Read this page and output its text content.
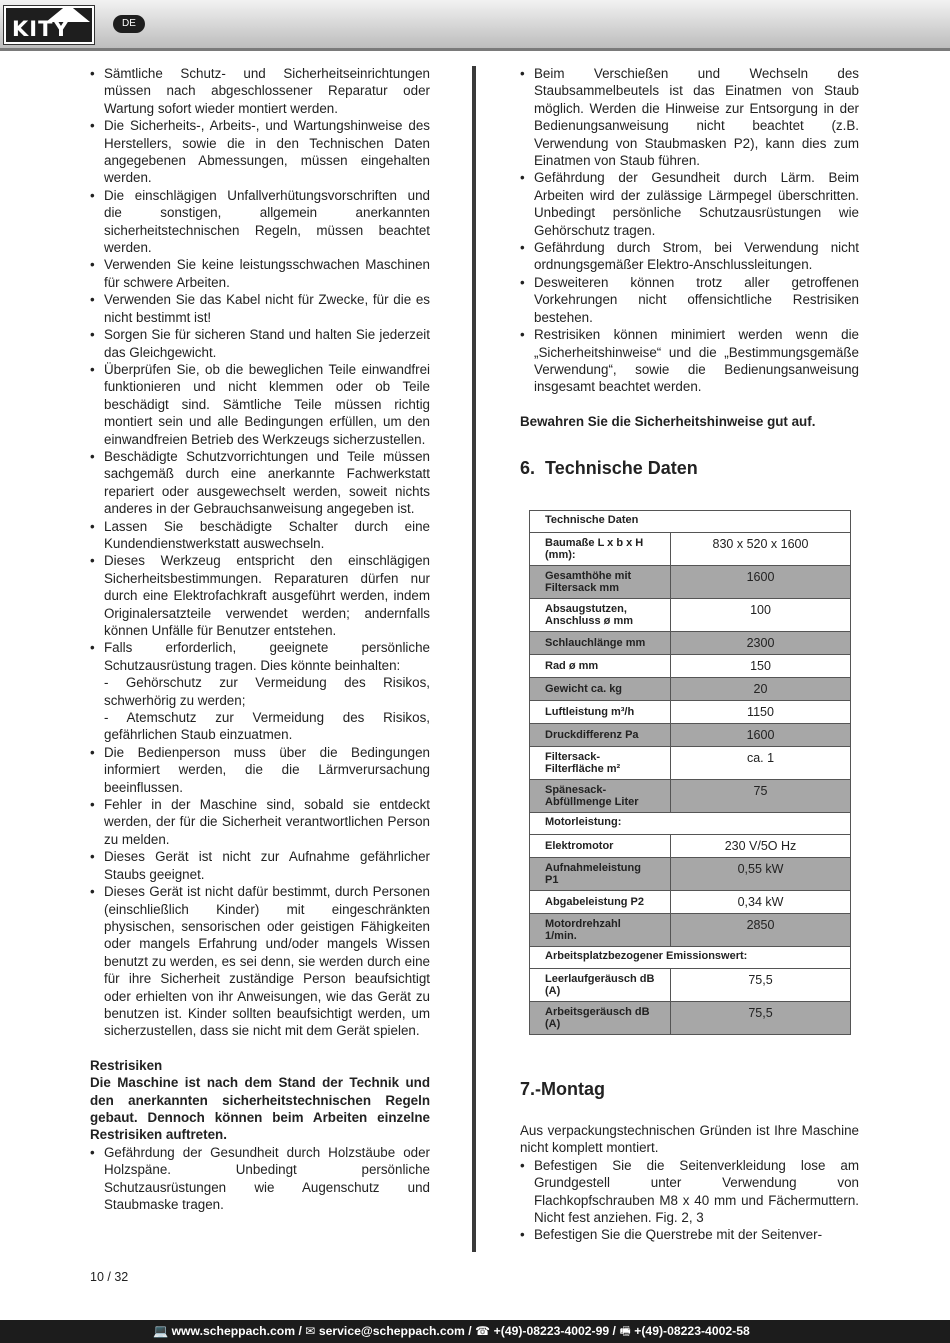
KITY	DE
• Sämtliche Schutz- und Sicherheitseinrichtungen müssen nach abgeschlossener Reparatur oder Wartung sofort wieder montiert werden.
• Die Sicherheits-, Arbeits-, und Wartungshinweise des Herstellers, sowie die in den Technischen Daten angegebenen Abmessungen, müssen eingehalten werden.
• Die einschlägigen Unfallverhütungsvorschriften und die sonstigen, allgemein anerkannten sicherheitstechnischen Regeln, müssen beachtet werden.
• Verwenden Sie keine leistungsschwachen Maschinen für schwere Arbeiten.
• Verwenden Sie das Kabel nicht für Zwecke, für die es nicht bestimmt ist!
• Sorgen Sie für sicheren Stand und halten Sie jederzeit das Gleichgewicht.
• Überprüfen Sie, ob die beweglichen Teile einwandfrei funktionieren und nicht klemmen oder ob Teile beschädigt sind. Sämtliche Teile müssen richtig montiert sein und alle Bedingungen erfüllen, um den einwandfreien Betrieb des Werkzeugs sicherzustellen.
• Beschädigte Schutzvorrichtungen und Teile müssen sachgemäß durch eine anerkannte Fachwerkstatt repariert oder ausgewechselt werden, soweit nichts anderes in der Gebrauchsanweisung angegeben ist.
• Lassen Sie beschädigte Schalter durch eine Kundendienstwerkstatt auswechseln.
• Dieses Werkzeug entspricht den einschlägigen Sicherheitsbestimmungen. Reparaturen dürfen nur durch eine Elektrofachkraft ausgeführt werden, indem Originalersatzteile verwendet werden; andernfalls können Unfälle für Benutzer entstehen.
• Falls erforderlich, geeignete persönliche Schutzausrüstung tragen. Dies könnte beinhalten:
- Gehörschutz zur Vermeidung des Risikos, schwerhörig zu werden;
- Atemschutz zur Vermeidung des Risikos, gefährlichen Staub einzuatmen.
• Die Bedienperson muss über die Bedingungen informiert werden, die die Lärmverursachung beeinflussen.
• Fehler in der Maschine sind, sobald sie entdeckt werden, der für die Sicherheit verantwortlichen Person zu melden.
• Dieses Gerät ist nicht zur Aufnahme gefährlicher Staubs geeignet.
• Dieses Gerät ist nicht dafür bestimmt, durch Personen (einschließlich Kinder) mit eingeschränkten physischen, sensorischen oder geistigen Fähigkeiten oder mangels Erfahrung und/oder mangels Wissen benutzt zu werden, es sei denn, sie werden durch eine für ihre Sicherheit zuständige Person beaufsichtigt oder erhielten von ihr Anweisungen, wie das Gerät zu benutzen ist. Kinder sollten beaufsichtigt werden, um sicherzustellen, dass sie nicht mit dem Gerät spielen.
Restrisiken
Die Maschine ist nach dem Stand der Technik und den anerkannten sicherheitstechnischen Regeln gebaut. Dennoch können beim Arbeiten einzelne Restrisiken auftreten.
• Gefährdung der Gesundheit durch Holzstäube oder Holzspäne. Unbedingt persönliche Schutzausrüstungen wie Augenschutz und Staubmaske tragen.
• Beim Verschießen und Wechseln des Staubsammelbeutels ist das Einatmen von Staub möglich. Werden die Hinweise zur Entsorgung in der Bedienungsanweisung nicht beachtet (z.B. Verwendung von Staubmasken P2), kann dies zum Einatmen von Staub führen.
• Gefährdung der Gesundheit durch Lärm. Beim Arbeiten wird der zulässige Lärmpegel überschritten. Unbedingt persönliche Schutzausrüstungen wie Gehörschutz tragen.
• Gefährdung durch Strom, bei Verwendung nicht ordnungsgemäßer Elektro-Anschlussleitungen.
• Desweiteren können trotz aller getroffenen Vorkehrungen nicht offensichtliche Restrisiken bestehen.
• Restrisiken können minimiert werden wenn die „Sicherheitshinweise“ und die „Bestimmungsgemäße Verwendung“, sowie die Bedienungsanweisung insgesamt beachtet werden.
Bewahren Sie die Sicherheitshinweise gut auf.
6. Technische Daten
Technische Daten	
Baumaße L x b x H (mm):	830 x 520 x 1600
Gesamthöhe mit Filtersack mm	1600
Absaugstutzen, Anschluss ø mm	100
Schlauchlänge mm	2300
Rad ø mm	150
Gewicht ca. kg	20
Luftleistung m³/h	1150
Druckdifferenz Pa	1600
Filtersack-Filterfläche m²	ca. 1
Spänesack-Abfüllmenge Liter	75
Motorleistung:	
Elektromotor	230 V/5O Hz
Aufnahmeleistung P1	0,55 kW
Abgabeleistung P2	0,34 kW
Motordrehzahl 1/min.	2850
Arbeitsplatzbezogener Emissionswert:	
Leerlaufgeräusch dB (A)	75,5
Arbeitsgeräusch dB (A)	75,5
7.-Montag
Aus verpackungstechnischen Gründen ist Ihre Maschine nicht komplett montiert.
• Befestigen Sie die Seitenverkleidung lose am Grundgestell unter Verwendung von Flachkopfschrauben M8 x 40 mm und Fächermuttern. Nicht fest anziehen. Fig. 2, 3
• Befestigen Sie die Querstrebe mit der Seitenver-
10 / 32
💻 www.scheppach.com / ✉ service@scheppach.com / ☎ +(49)-08223-4002-99 / 🖷 +(49)-08223-4002-58
